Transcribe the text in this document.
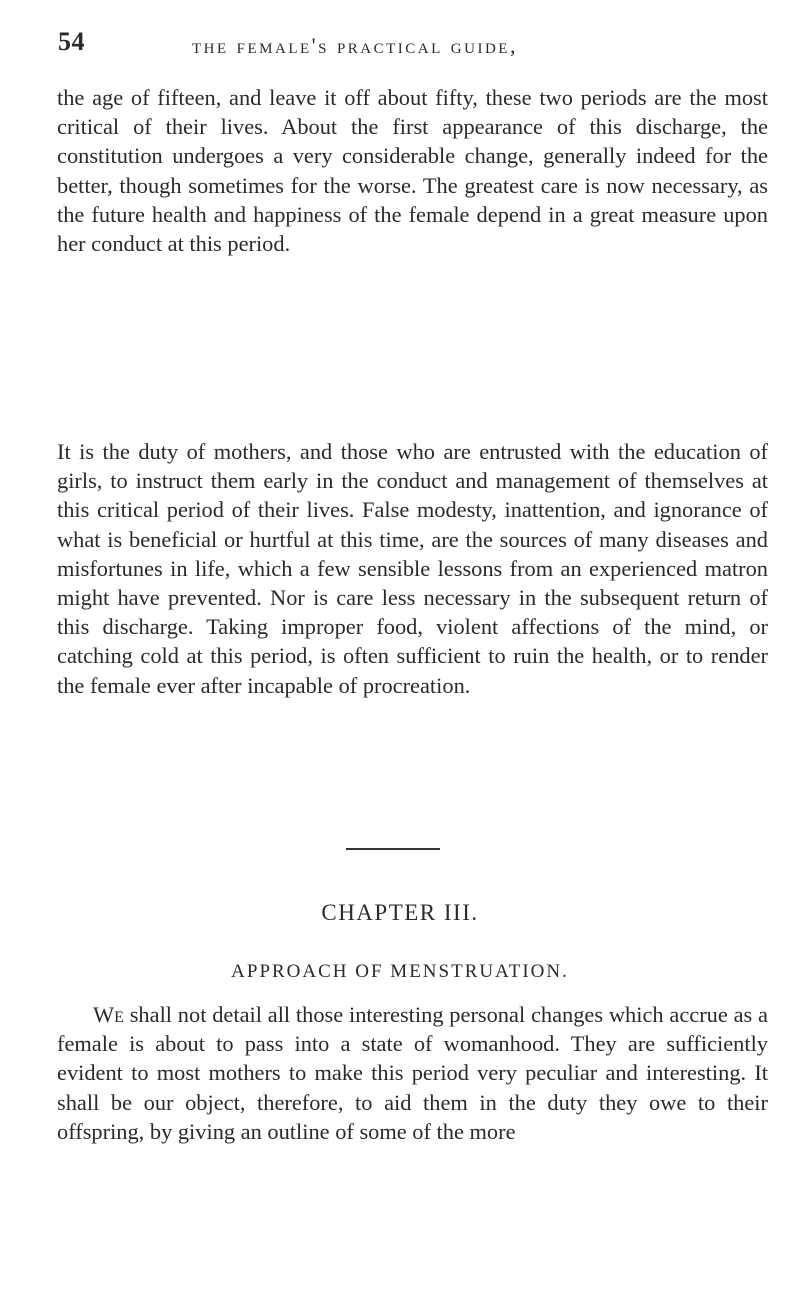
54	the female's practical guide,

the age of fifteen, and leave it off about fifty, these two periods are the most critical of their lives. About the first appearance of this discharge, the constitution undergoes a very considerable change, generally indeed for the better, though sometimes for the worse. The greatest care is now necessary, as the future health and happiness of the female depend in a great measure upon her conduct at this period.

It is the duty of mothers, and those who are entrusted with the education of girls, to instruct them early in the conduct and management of themselves at this critical period of their lives. False modesty, inattention, and ignorance of what is beneficial or hurtful at this time, are the sources of many diseases and misfortunes in life, which a few sensible lessons from an experienced matron might have prevented. Nor is care less necessary in the subsequent return of this discharge. Taking improper food, violent affections of the mind, or catching cold at this period, is often sufficient to ruin the health, or to render the female ever after incapable of procreation.

CHAPTER III.
APPROACH OF MENSTRUATION.

We shall not detail all those interesting personal changes which accrue as a female is about to pass into a state of womanhood. They are sufficiently evident to most mothers to make this period very peculiar and interesting. It shall be our object, therefore, to aid them in the duty they owe to their offspring, by giving an outline of some of the more
